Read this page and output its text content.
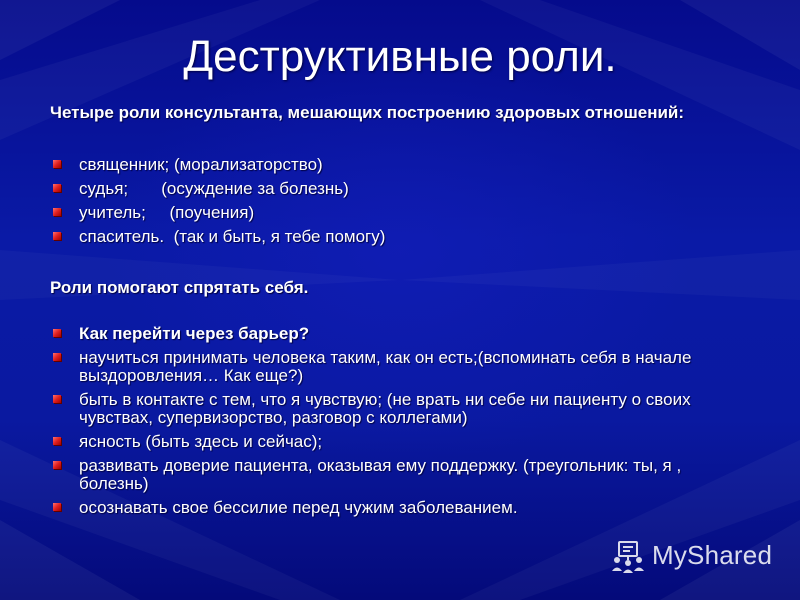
Деструктивные роли.
Четыре роли консультанта, мешающих построению здоровых отношений:
священник; (морализаторство)
судья;       (осуждение за болезнь)
учитель;     (поучения)
спаситель.  (так и быть, я тебе помогу)
Роли помогают спрятать себя.
Как перейти через барьер?
научиться принимать человека таким, как он есть;(вспоминать себя в начале выздоровления… Как еще?)
быть в контакте с тем, что я чувствую; (не врать ни себе ни пациенту о своих чувствах, супервизорство, разговор с коллегами)
ясность (быть здесь и сейчас);
развивать доверие пациента, оказывая ему поддержку. (треугольник: ты, я , болезнь)
осознавать свое бессилие перед чужим заболеванием.
MyShared
